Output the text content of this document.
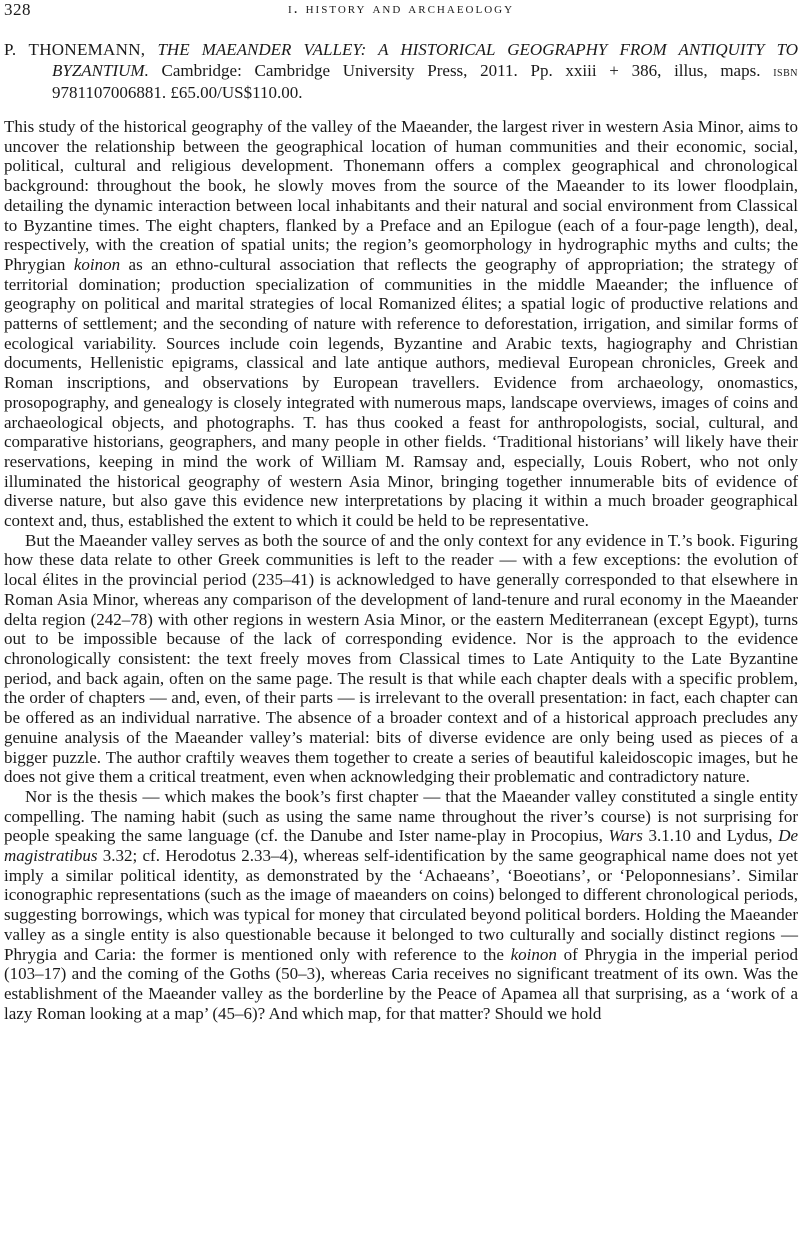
328	i. history and archaeology
P. THONEMANN, THE MAEANDER VALLEY: A HISTORICAL GEOGRAPHY FROM ANTIQUITY TO BYZANTIUM. Cambridge: Cambridge University Press, 2011. Pp. xxiii + 386, illus, maps. isbn 9781107006881. £65.00/US$110.00.

This study of the historical geography of the valley of the Maeander, the largest river in western Asia Minor, aims to uncover the relationship between the geographical location of human communities and their economic, social, political, cultural and religious development. Thonemann offers a complex geographical and chronological background: throughout the book, he slowly moves from the source of the Maeander to its lower floodplain, detailing the dynamic interaction between local inhabitants and their natural and social environment from Classical to Byzantine times. The eight chapters, flanked by a Preface and an Epilogue (each of a four-page length), deal, respectively, with the creation of spatial units; the region’s geomorphology in hydrographic myths and cults; the Phrygian koinon as an ethno-cultural association that reflects the geography of appropriation; the strategy of territorial domination; production specialization of communities in the middle Maeander; the influence of geography on political and marital strategies of local Romanized élites; a spatial logic of productive relations and patterns of settlement; and the seconding of nature with reference to deforestation, irrigation, and similar forms of ecological variability. Sources include coin legends, Byzantine and Arabic texts, hagiography and Christian documents, Hellenistic epigrams, classical and late antique authors, medieval European chronicles, Greek and Roman inscriptions, and observations by European travellers. Evidence from archaeology, onomastics, prosopography, and genealogy is closely integrated with numerous maps, landscape overviews, images of coins and archaeological objects, and photographs. T. has thus cooked a feast for anthropologists, social, cultural, and comparative historians, geographers, and many people in other fields. ‘Traditional historians’ will likely have their reservations, keeping in mind the work of William M. Ramsay and, especially, Louis Robert, who not only illuminated the historical geography of western Asia Minor, bringing together innumerable bits of evidence of diverse nature, but also gave this evidence new interpretations by placing it within a much broader geographical context and, thus, established the extent to which it could be held to be representative.

But the Maeander valley serves as both the source of and the only context for any evidence in T.’s book. Figuring how these data relate to other Greek communities is left to the reader — with a few exceptions: the evolution of local élites in the provincial period (235–41) is acknowledged to have generally corresponded to that elsewhere in Roman Asia Minor, whereas any comparison of the development of land-tenure and rural economy in the Maeander delta region (242–78) with other regions in western Asia Minor, or the eastern Mediterranean (except Egypt), turns out to be impossible because of the lack of corresponding evidence. Nor is the approach to the evidence chronologically consistent: the text freely moves from Classical times to Late Antiquity to the Late Byzantine period, and back again, often on the same page. The result is that while each chapter deals with a specific problem, the order of chapters — and, even, of their parts — is irrelevant to the overall presentation: in fact, each chapter can be offered as an individual narrative. The absence of a broader context and of a historical approach precludes any genuine analysis of the Maeander valley’s material: bits of diverse evidence are only being used as pieces of a bigger puzzle. The author craftily weaves them together to create a series of beautiful kaleidoscopic images, but he does not give them a critical treatment, even when acknowledging their problematic and contradictory nature.

Nor is the thesis — which makes the book’s first chapter — that the Maeander valley constituted a single entity compelling. The naming habit (such as using the same name throughout the river’s course) is not surprising for people speaking the same language (cf. the Danube and Ister name-play in Procopius, Wars 3.1.10 and Lydus, De magistratibus 3.32; cf. Herodotus 2.33–4), whereas self-identification by the same geographical name does not yet imply a similar political identity, as demonstrated by the ‘Achaeans’, ‘Boeotians’, or ‘Peloponnesians’. Similar iconographic representations (such as the image of maeanders on coins) belonged to different chronological periods, suggesting borrowings, which was typical for money that circulated beyond political borders. Holding the Maeander valley as a single entity is also questionable because it belonged to two culturally and socially distinct regions — Phrygia and Caria: the former is mentioned only with reference to the koinon of Phrygia in the imperial period (103–17) and the coming of the Goths (50–3), whereas Caria receives no significant treatment of its own. Was the establishment of the Maeander valley as the borderline by the Peace of Apamea all that surprising, as a ‘work of a lazy Roman looking at a map’ (45–6)? And which map, for that matter? Should we hold
